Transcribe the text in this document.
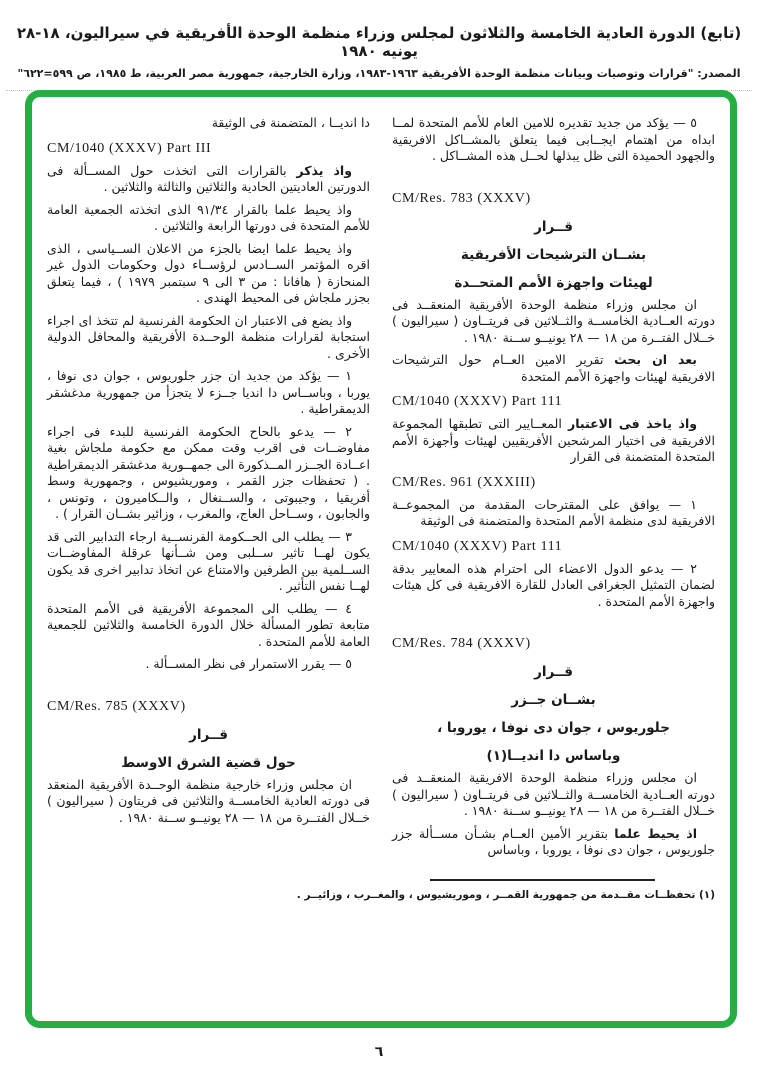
(تابع) الدورة العادية الخامسة والثلاثون لمجلس وزراء منظمة الوحدة الأفريقية في سيراليون، ١٨-٢٨ يونيه ١٩٨٠
المصدر: "قرارات وتوصيات وبيانات منظمة الوحدة الأفريقية ١٩٦٣-١٩٨٣، وزارة الخارجية، جمهورية مصر العربية، ط ١٩٨٥، ص ٥٩٩=٦٢٢"
٥ — يؤكد من جديد تقديره للامين العام للأمم المتحدة لمــا ابداه من اهتمام ايجــابى فيما يتعلق بالمشــاكل الافريقية والجهود الحميدة التى ظل يبذلها لحــل هذه المشــاكل .
CM/Res. 783 (XXXV)
قــرار
بشــان الترشيحات الأفريقية
لهيئات واجهزة الأمم المتحــدة
ان مجلس وزراء منظمة الوحدة الأفريقية المنعقــد فى دورته العــادية الخامســة والثــلاثين فى فريتــاون ( سيراليون ) خــلال الفتــرة من ١٨ — ٢٨ يونيــو ســنة ١٩٨٠ .
بعد ان بحث تقرير الامين العــام حول الترشيحات الافريقية لهيئات واجهزة الأمم المتحدة
CM/1040 (XXXV) Part 111
واذ ياخذ فى الاعتبار المعــايير التى تطبقها المجموعة الافريقية فى اختيار المرشحين الأفريقيين لهيئات وأجهزة الأمم المتحدة المتضمنة فى القرار
CM/Res. 961 (XXXIII)
١ — يوافق على المقترحات المقدمة من المجموعــة الافريقية لدى منظمة الأمم المتحدة والمتضمنة فى الوثيقة
CM/1040 (XXXV) Part 111
٢ — يدعو الدول الاعضاء الى احترام هذه المعايير بدقة لضمان التمثيل الجغرافى العادل للقارة الافريقية فى كل هيئات واجهزة الأمم المتحدة .
CM/Res. 784 (XXXV)
قــرار
بشــان جــزر
جلوريوس ، جوان دى نوفا ، يوروبا ،
وباساس دا انديــا(١)
ان مجلس وزراء منظمة الوحدة الافريقية المنعقــد فى دورته العــادية الخامســة والثــلاثين فى فريتــاون ( سيراليون ) خــلال الفتــرة من ١٨ — ٢٨ يونيــو ســنة ١٩٨٠ .
اذ يحيط علما بتقرير الأمين العــام بشـأن مســألة جزر جلوريوس ، جوان دى نوفا ، يوروبا ، وباساس
دا انديــا ، المتضمنة فى الوثيقة
CM/1040 (XXXV) Part III
واذ يذكر بالقرارات التى اتخذت حول المســألة فى الدورتين العاديتين الحادية والثلاثين والثالثة والثلاثين .
واذ يحيط علما بالقرار ٩١/٣٤ الذى اتخذته الجمعية العامة للأمم المتحدة فى دورتها الرابعة والثلاثين .
واذ يحيط علما ايضا بالجزء من الاعلان الســياسى ، الذى اقره المؤتمر الســادس لرؤســاء دول وحكومات الدول غير المنحازة ( هافانا : من ٣ الى ٩ سبتمبر ١٩٧٩ ) ، فيما يتعلق بجزر ملجاش فى المحيط الهندى .
واذ يضع فى الاعتبار ان الحكومة الفرنسية لم تتخذ اى اجراء استجابة لقرارات منظمة الوحــدة الأفريقية والمحافل الدولية الأخرى .
١ — يؤكد من جديد ان جزر جلوريوس ، جوان دى نوفا ، يوربا ، وباســاس دا انديا جــزء لا يتجزأ من جمهورية مدغشقر الديمقراطية .
٢ — يدعو بالحاح الحكومة الفرنسية للبدء فى اجراء مفاوضــات فى اقرب وقت ممكن مع حكومة ملجاش بغية اعــادة الجــزر المــذكورة الى جمهــورية مدغشقر الديمقراطية . ( تحفظات جزر القمر ، وموريشيوس ، وجمهورية وسط أفريقيا ، وجيبوتى ، والســنغال ، والــكاميرون ، وتونس ، والجابون ، وســاحل العاج، والمغرب ، وزائير بشــان القرار ) .
٣ — يطلب الى الحــكومة الفرنســية ارجاء التدابير التى قد يكون لهــا تاثير ســلبى ومن شــأنها عرقلة المفاوضــات الســلمية بين الطرفين والامتناع عن اتخاذ تدابير اخرى قد يكون لهــا نفس التأثير .
٤ — يطلب الى المجموعة الأفريقية فى الأمم المتحدة متابعة تطور المسألة خلال الدورة الخامسة والثلاثين للجمعية العامة للأمم المتحدة .
٥ — يقرر الاستمرار فى نظر المســألة .
CM/Res. 785 (XXXV)
قــرار
حول قضية الشرق الاوسط
ان مجلس وزراء خارجية منظمة الوحــدة الأفريقية المنعقد فى دورته العادية الخامســة والثلاثين فى فريتاون ( سيراليون ) خــلال الفتــرة من ١٨ — ٢٨ يونيــو ســنة ١٩٨٠ .
(١) تحفظــات مقــدمة من جمهورية القمــر ، وموريشيوس ، والمغــرب ، وزائيــر .
٦
